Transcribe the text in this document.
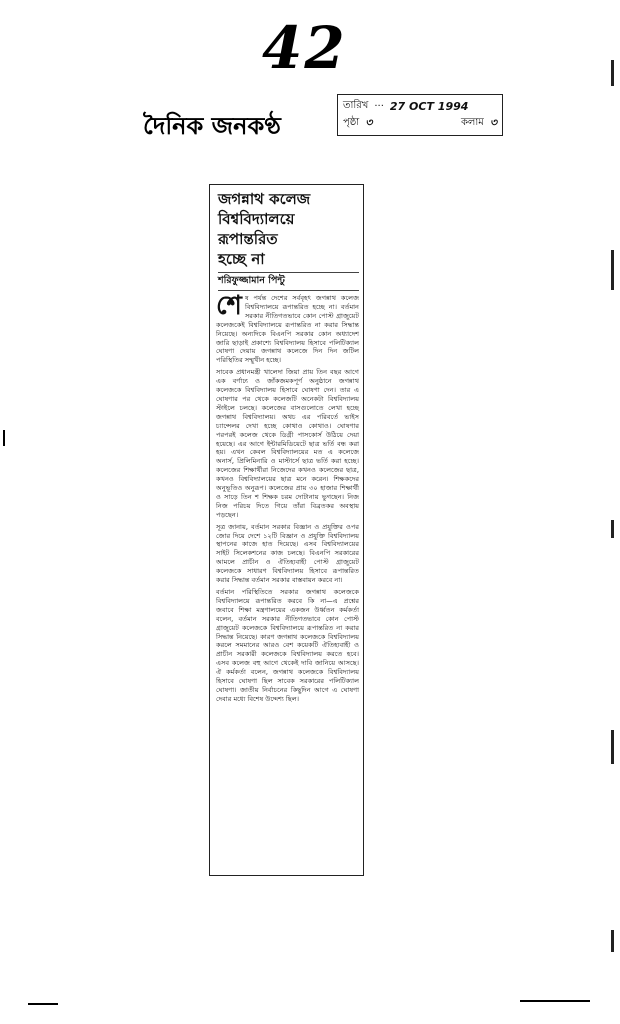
42
দৈনিক জনকণ্ঠ
তারিখ ··· 27 OCT 1994
পৃষ্ঠা ৩	কলাম ৩
জগন্নাথ কলেজ
বিশ্ববিদ্যালয়ে
রূপান্তরিত
হচ্ছে না
শরিফুজ্জামান পিন্টু

শেষ পর্যন্ত দেশের সর্ববৃহৎ জগন্নাথ কলেজ বিশ্ববিদ্যালয়ে রূপান্তরিত হচ্ছে না। বর্তমান সরকার নীতিগতভাবে কোন পোস্ট গ্রাজুয়েট কলেজকেই বিশ্ববিদ্যালয়ে রূপান্তরিত না করার সিদ্ধান্ত নিয়েছে। অন্যদিকে বিএনপি সরকার কোন অধ্যাদেশ জারি ছাড়াই প্রকাশ্যে বিশ্ববিদ্যালয় হিসাবে পলিটিক্যাল ঘোষণা দেয়ায় জগন্নাথ কলেজে দিন দিন জটিল পরিস্থিতির সম্মুখীন হচ্ছে।

সাবেক প্রধানমন্ত্রী খালেদা জিয়া প্রায় তিন বছর আগে এক বর্ণাঢ্য ও জাঁকজমকপূর্ণ অনুষ্ঠানে জগন্নাথ কলেজকে বিশ্ববিদ্যালয় হিসাবে ঘোষণা দেন। তার এ ঘোষণার পর থেকে কলেজটি অনেকটা বিশ্ববিদ্যালয় স্টাইলে চলছে। কলেজের বাসগুলোতে লেখা হচ্ছে জগন্নাথ বিশ্ববিদ্যালয়। অথচ এর পরিবর্তে ভাইস চ্যান্সেলর দেখা হচ্ছে কোথাও কোথাও। ঘোষণার পরপরই কলেজ থেকে ডিগ্রী পাসকোর্স উঠিয়ে দেয়া হয়েছে। এর আগে ইন্টারমিডিয়েটে ছাত্র ভর্তি বন্ধ করা হয়। এখন কেবল বিশ্ববিদ্যালয়ের মত এ কলেজে অনার্স, প্রিলিমিনারি ও মাস্টার্সে ছাত্র ভর্তি করা হচ্ছে। কলেজের শিক্ষার্থীরা নিজেদের কখনও কলেজের ছাত্র, কখনও বিশ্ববিদ্যালয়ের ছাত্র মনে করেন। শিক্ষকদের অনুভূতিও অনুরূপ। কলেজের প্রায় ৩০ হাজার শিক্ষার্থী ও সাড়ে তিন শ শিক্ষক চরম দোটানায় ভুগছেন। নিজ নিজ পরিচয় দিতে গিয়ে তাঁরা বিব্রতকর অবস্থায় পড়ছেন।

সূত্র জানায়, বর্তমান সরকার বিজ্ঞান ও প্রযুক্তির ওপর জোর দিয়ে দেশে ১২টি বিজ্ঞান ও প্রযুক্তি বিশ্ববিদ্যালয় স্থাপনের কাজে হাত দিয়েছে। এসব বিশ্ববিদ্যালয়ের সাইট সিলেকশনের কাজ চলছে। বিএনপি সরকারের আমলে প্রাচীন ও ঐতিহ্যবাহী পোস্ট গ্রাজুয়েট কলেজকে সাধারণ বিশ্ববিদ্যালয় হিসাবে রূপান্তরিত করার সিদ্ধান্ত বর্তমান সরকার বাস্তবায়ন করবে না।

বর্তমান পরিস্থিতিতে সরকার জগন্নাথ কলেজকে বিশ্ববিদ্যালয়ে রূপান্তরিত করবে কি না—এ প্রশ্নের জবাবে শিক্ষা মন্ত্রণালয়ের একজন উর্ধ্বতন কর্মকর্তা বলেন, বর্তমান সরকার নীতিগতভাবে কোন পোস্ট গ্রাজুয়েট কলেজকে বিশ্ববিদ্যালয়ে রূপান্তরিত না করার সিদ্ধান্ত নিয়েছে। কারণ জগন্নাথ কলেজকে বিশ্ববিদ্যালয় করলে সমমানের আরও বেশ কয়েকটি ঐতিহ্যবাহী ও প্রাচীন সরকারী কলেজকে বিশ্ববিদ্যালয় করতে হবে। এসব কলেজ বহু আগে থেকেই দাবি জানিয়ে আসছে। ঐ কর্মকর্তা বলেন, জগন্নাথ কলেজকে বিশ্ববিদ্যালয় হিসাবে ঘোষণা ছিল সাবেক সরকারের পলিটিক্যাল ঘোষণা। জাতীয় নির্বাচনের কিছুদিন আগে এ ঘোষণা দেবার মধ্যে বিশেষ উদ্দেশ্য ছিল।
